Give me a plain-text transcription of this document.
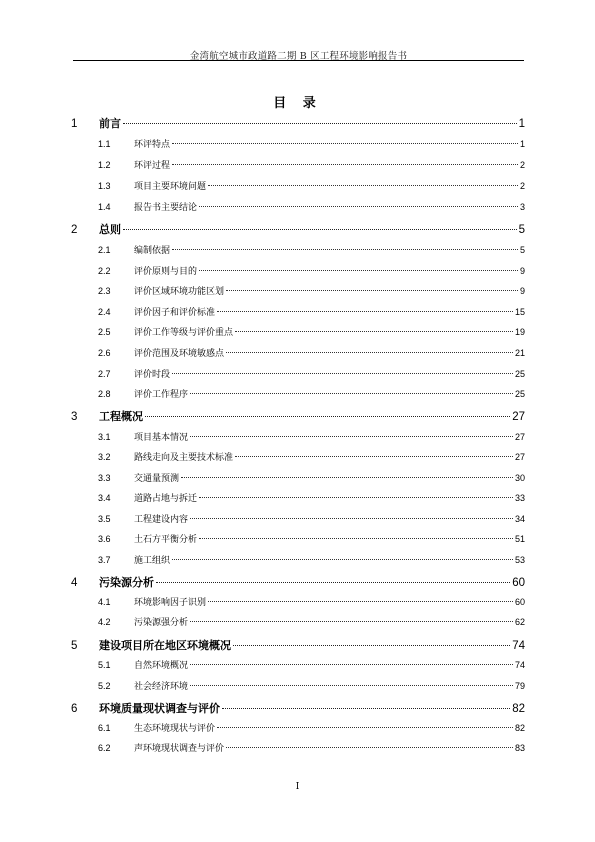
金湾航空城市政道路二期 B 区工程环境影响报告书
目 录
1	前言	1
1.1	环评特点	1
1.2	环评过程	2
1.3	项目主要环境问题	2
1.4	报告书主要结论	3
2	总则	5
2.1	编制依据	5
2.2	评价原则与目的	9
2.3	评价区域环境功能区划	9
2.4	评价因子和评价标准	15
2.5	评价工作等级与评价重点	19
2.6	评价范围及环境敏感点	21
2.7	评价时段	25
2.8	评价工作程序	25
3	工程概况	27
3.1	项目基本情况	27
3.2	路线走向及主要技术标准	27
3.3	交通量预测	30
3.4	道路占地与拆迁	33
3.5	工程建设内容	34
3.6	土石方平衡分析	51
3.7	施工组织	53
4	污染源分析	60
4.1	环境影响因子识别	60
4.2	污染源强分析	62
5	建设项目所在地区环境概况	74
5.1	自然环境概况	74
5.2	社会经济环境	79
6	环境质量现状调查与评价	82
6.1	生态环境现状与评价	82
6.2	声环境现状调查与评价	83
I
